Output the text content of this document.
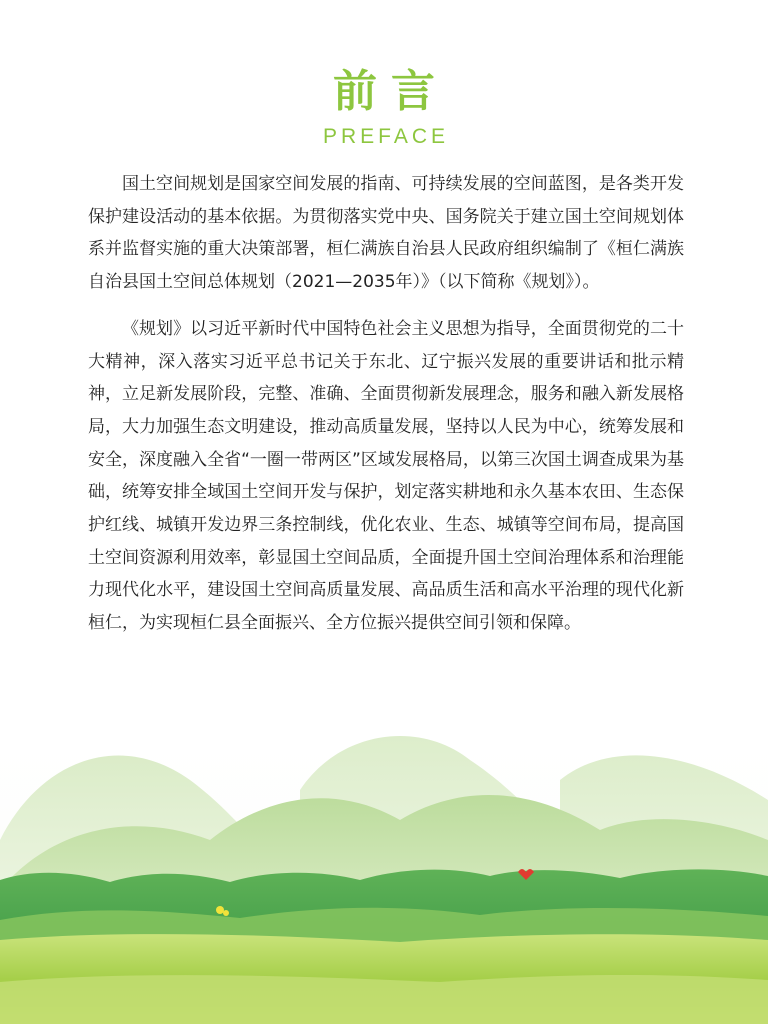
前言
PREFACE

国土空间规划是国家空间发展的指南、可持续发展的空间蓝图，是各类开发保护建设活动的基本依据。为贯彻落实党中央、国务院关于建立国土空间规划体系并监督实施的重大决策部署，桓仁满族自治县人民政府组织编制了《桓仁满族自治县国土空间总体规划（2021—2035年）》（以下简称《规划》）。

《规划》以习近平新时代中国特色社会主义思想为指导，全面贯彻党的二十大精神，深入落实习近平总书记关于东北、辽宁振兴发展的重要讲话和批示精神，立足新发展阶段，完整、准确、全面贯彻新发展理念，服务和融入新发展格局，大力加强生态文明建设，推动高质量发展，坚持以人民为中心，统筹发展和安全，深度融入全省“一圈一带两区”区域发展格局，以第三次国土调查成果为基础，统筹安排全域国土空间开发与保护，划定落实耕地和永久基本农田、生态保护红线、城镇开发边界三条控制线，优化农业、生态、城镇等空间布局，提高国土空间资源利用效率，彰显国土空间品质，全面提升国土空间治理体系和治理能力现代化水平，建设国土空间高质量发展、高品质生活和高水平治理的现代化新桓仁，为实现桓仁县全面振兴、全方位振兴提供空间引领和保障。
